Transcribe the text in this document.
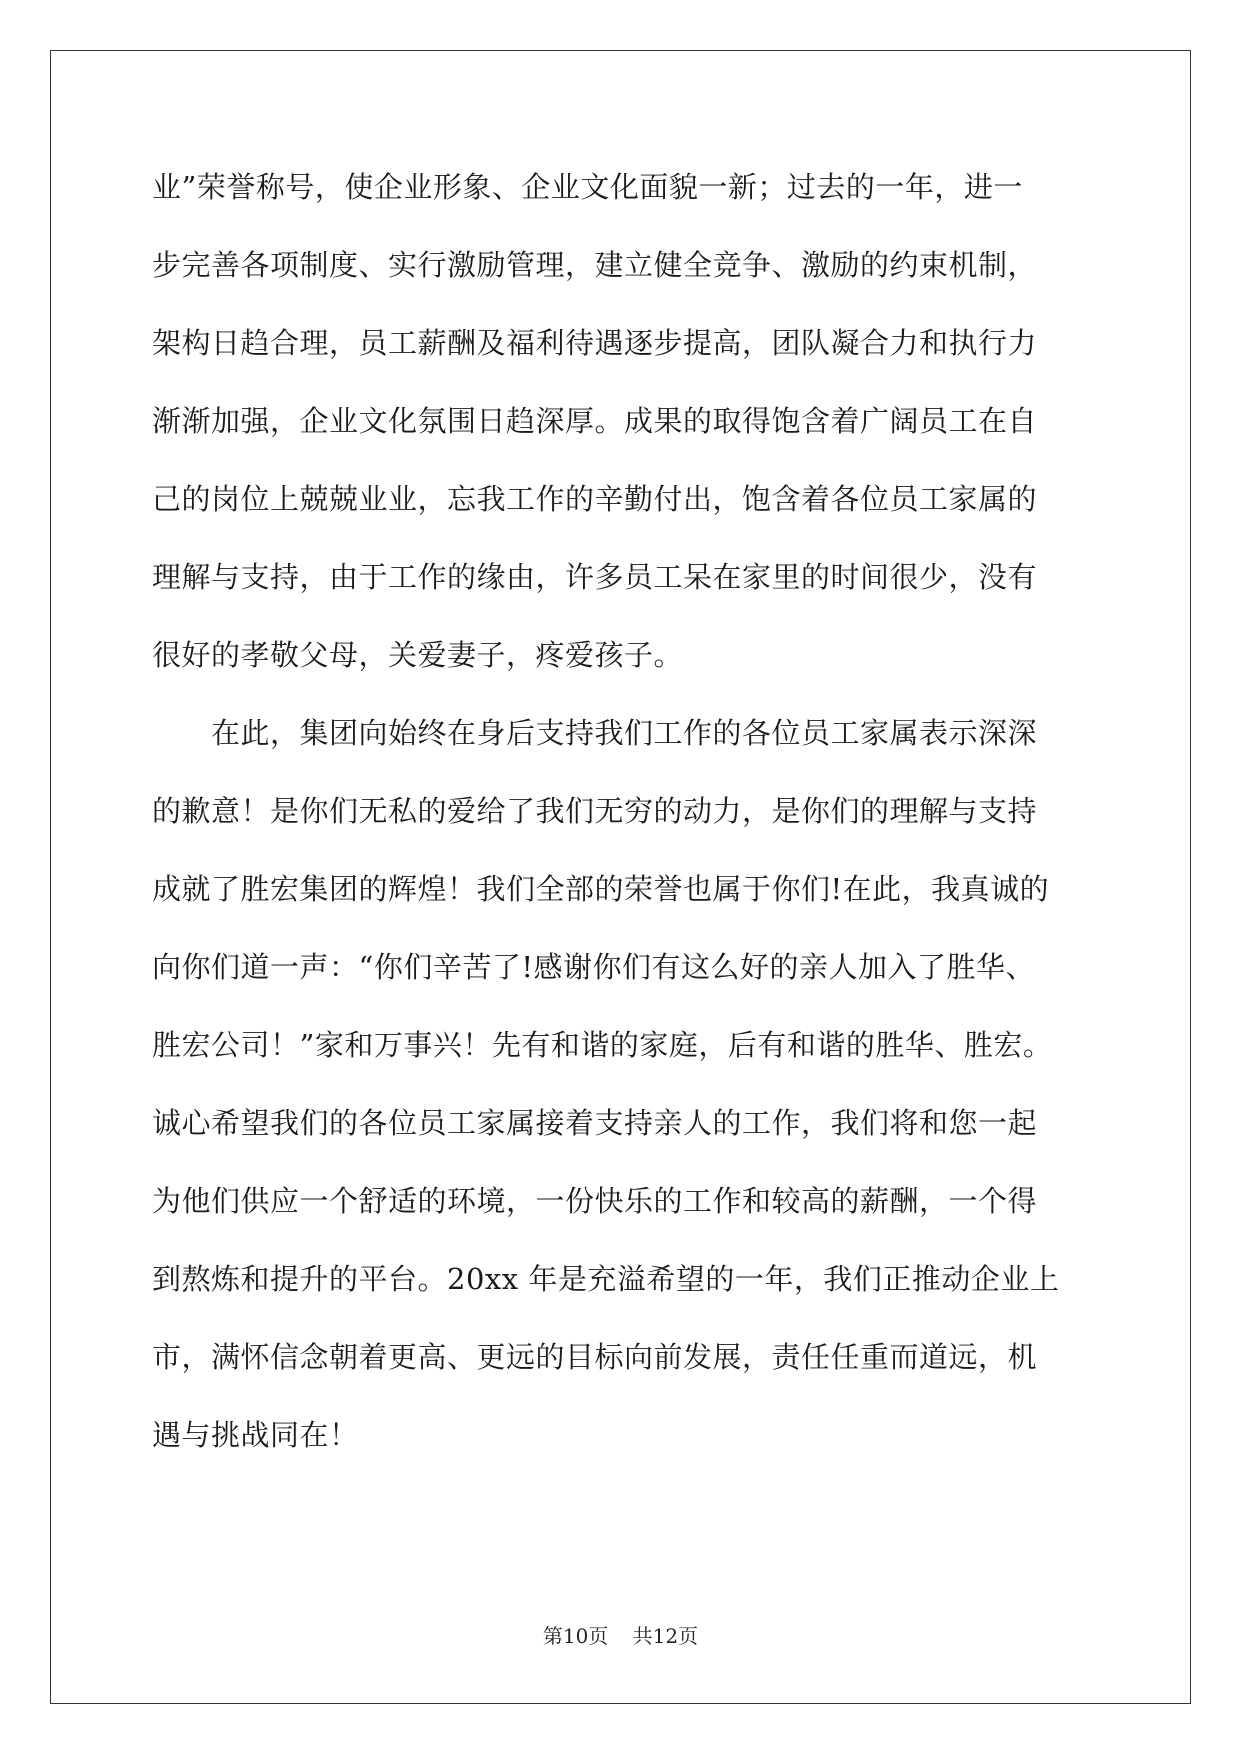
业”荣誉称号，使企业形象、企业文化面貌一新；过去的一年，进一
步完善各项制度、实行激励管理，建立健全竞争、激励的约束机制，
架构日趋合理，员工薪酬及福利待遇逐步提高，团队凝合力和执行力
渐渐加强，企业文化氛围日趋深厚。成果的取得饱含着广阔员工在自
己的岗位上兢兢业业，忘我工作的辛勤付出，饱含着各位员工家属的
理解与支持，由于工作的缘由，许多员工呆在家里的时间很少，没有
很好的孝敬父母，关爱妻子，疼爱孩子。
　　在此，集团向始终在身后支持我们工作的各位员工家属表示深深
的歉意！是你们无私的爱给了我们无穷的动力，是你们的理解与支持
成就了胜宏集团的辉煌！我们全部的荣誉也属于你们!在此，我真诚的
向你们道一声：“你们辛苦了!感谢你们有这么好的亲人加入了胜华、
胜宏公司！”家和万事兴！先有和谐的家庭，后有和谐的胜华、胜宏。
诚心希望我们的各位员工家属接着支持亲人的工作，我们将和您一起
为他们供应一个舒适的环境，一份快乐的工作和较高的薪酬，一个得
到熬炼和提升的平台。20xx 年是充溢希望的一年，我们正推动企业上
市，满怀信念朝着更高、更远的目标向前发展，责任任重而道远，机
遇与挑战同在！
第10页 共12页
